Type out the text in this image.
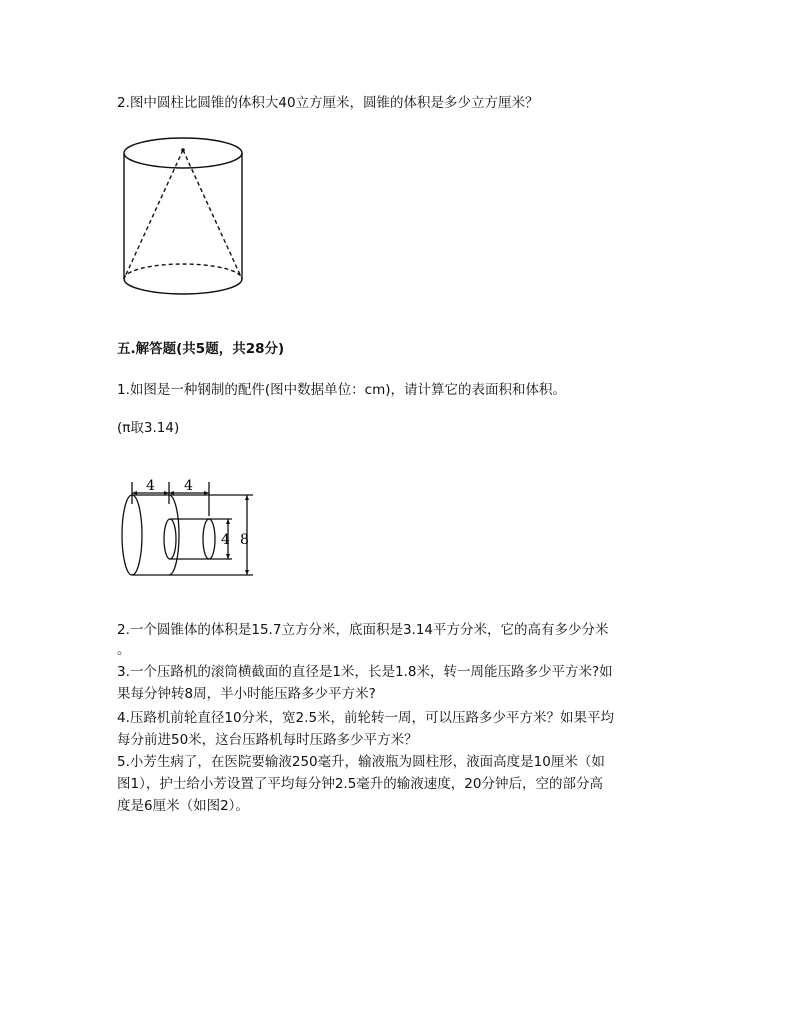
2.图中圆柱比圆锥的体积大40立方厘米，圆锥的体积是多少立方厘米？
五.解答题(共5题，共28分)
1.如图是一种钢制的配件(图中数据单位：cm)，请计算它的表面积和体积。
(π取3.14)
4 4
4 8
2.一个圆锥体的体积是15.7立方分米，底面积是3.14平方分米，它的高有多少分米
。
3.一个压路机的滚筒横截面的直径是1米，长是1.8米，转一周能压路多少平方米?如
果每分钟转8周，半小时能压路多少平方米?
4.压路机前轮直径10分米，宽2.5米，前轮转一周，可以压路多少平方米？如果平均
每分前进50米，这台压路机每时压路多少平方米？
5.小芳生病了，在医院要输液250毫升，输液瓶为圆柱形，液面高度是10厘米（如
图1），护士给小芳设置了平均每分钟2.5毫升的输液速度，20分钟后，空的部分高
度是6厘米（如图2）。
